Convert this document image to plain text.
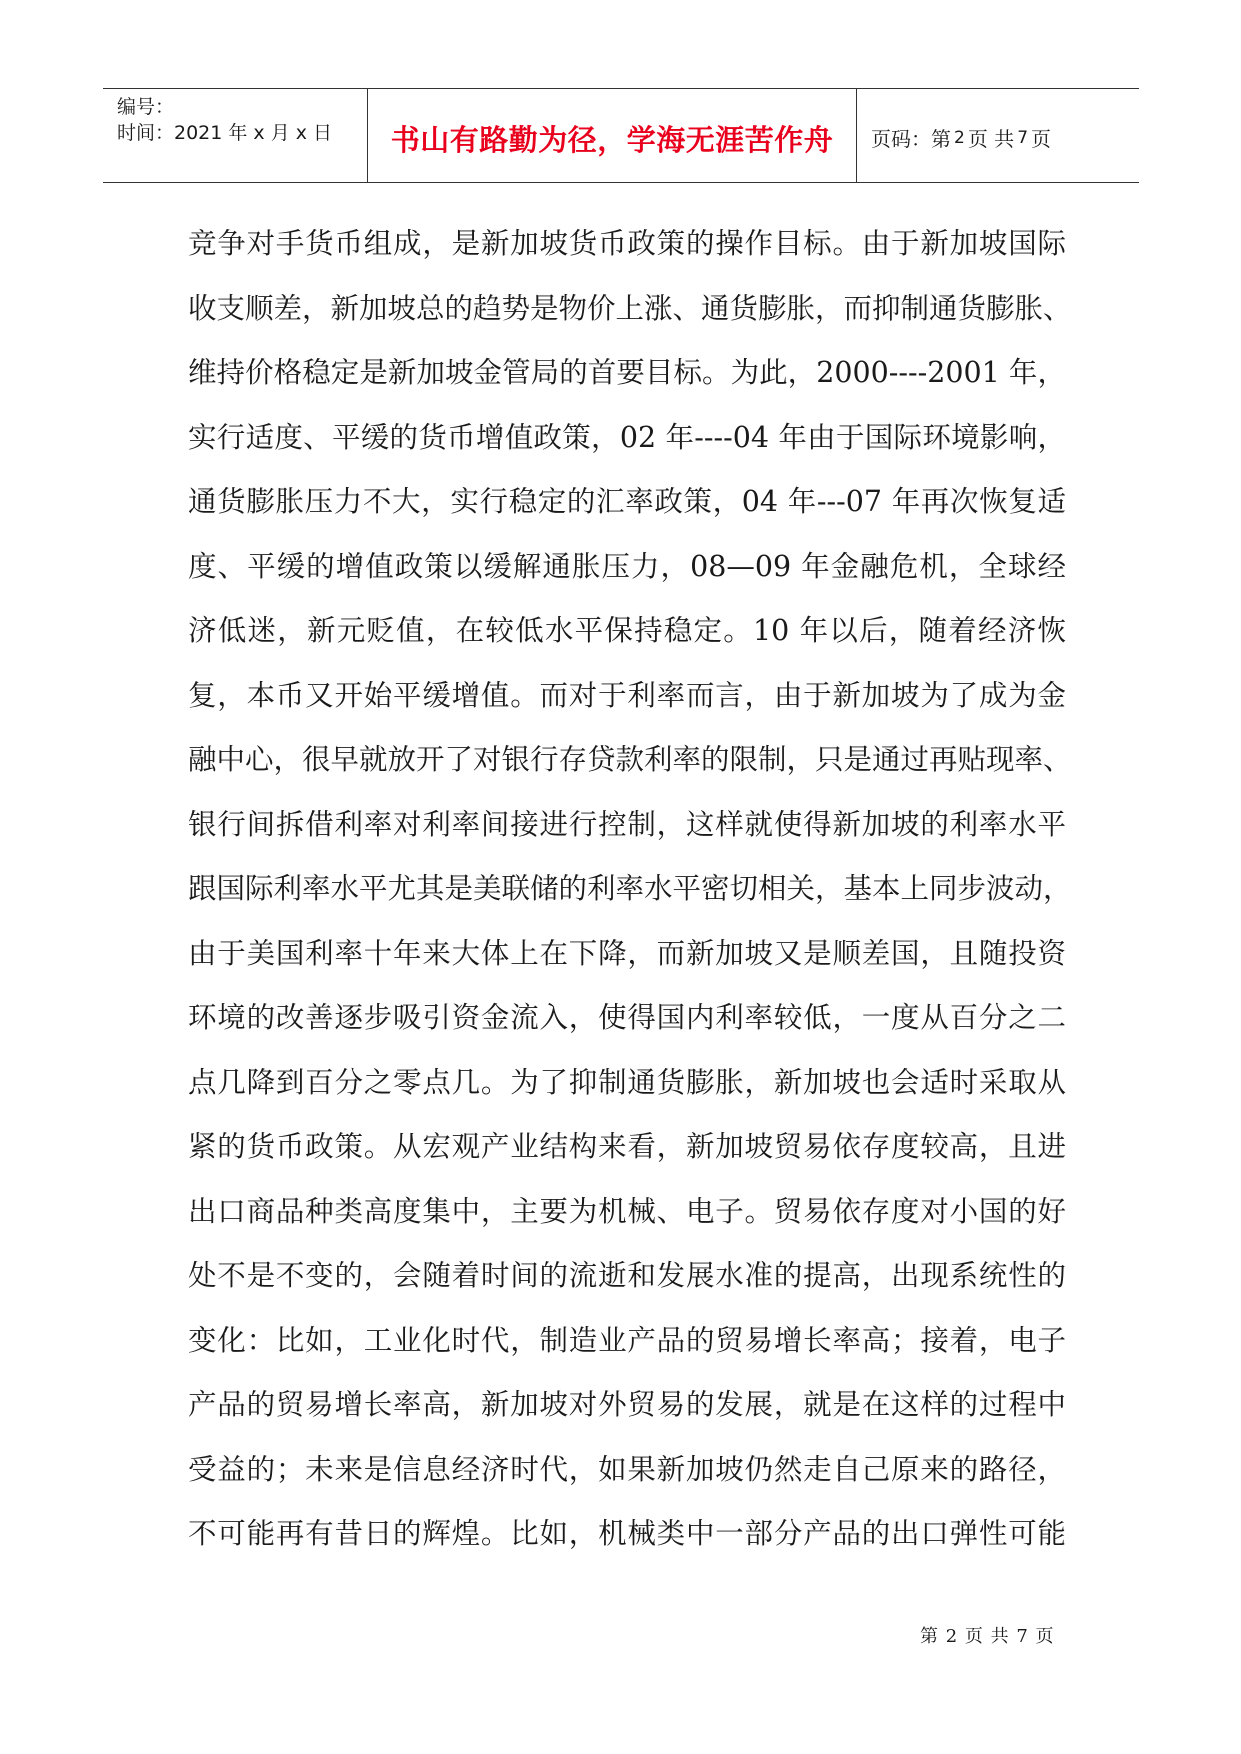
编号：
时间：2021 年 x 月 x 日	书山有路勤为径，学海无涯苦作舟 页码：第 2 页 共 7 页
竞争对手货币组成，是新加坡货币政策的操作目标。由于新加坡国际
收支顺差，新加坡总的趋势是物价上涨、通货膨胀，而抑制通货膨胀、
维持价格稳定是新加坡金管局的首要目标。为此，2000----2001 年，
实行适度、平缓的货币增值政策，02 年----04 年由于国际环境影响，
通货膨胀压力不大，实行稳定的汇率政策，04 年---07 年再次恢复适
度、平缓的增值政策以缓解通胀压力，08—09 年金融危机，全球经
济低迷，新元贬值，在较低水平保持稳定。10 年以后，随着经济恢
复，本币又开始平缓增值。而对于利率而言，由于新加坡为了成为金
融中心，很早就放开了对银行存贷款利率的限制，只是通过再贴现率、
银行间拆借利率对利率间接进行控制，这样就使得新加坡的利率水平
跟国际利率水平尤其是美联储的利率水平密切相关，基本上同步波动，
由于美国利率十年来大体上在下降，而新加坡又是顺差国，且随投资
环境的改善逐步吸引资金流入，使得国内利率较低，一度从百分之二
点几降到百分之零点几。为了抑制通货膨胀，新加坡也会适时采取从
紧的货币政策。从宏观产业结构来看，新加坡贸易依存度较高，且进
出口商品种类高度集中，主要为机械、电子。贸易依存度对小国的好
处不是不变的，会随着时间的流逝和发展水准的提高，出现系统性的
变化：比如，工业化时代，制造业产品的贸易增长率高；接着，电子
产品的贸易增长率高，新加坡对外贸易的发展，就是在这样的过程中
受益的；未来是信息经济时代，如果新加坡仍然走自己原来的路径，
不可能再有昔日的辉煌。比如，机械类中一部分产品的出口弹性可能
第 2 页 共 7 页
